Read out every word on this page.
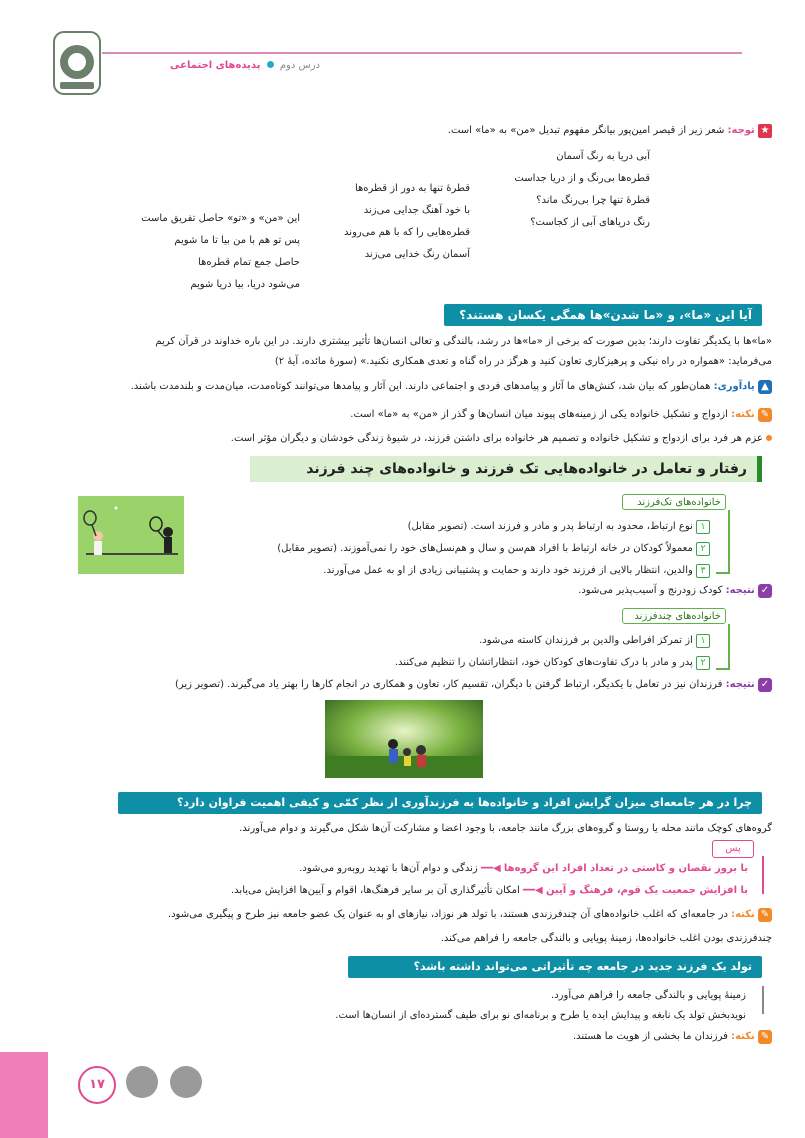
درس دوم  پدیده‌های اجتماعی
★ توجه: شعر زیر از قیصر امین‌پور بیانگر مفهوم تبدیل «من» به «ما» است.
آبی دریا به رنگ آسمان
قطره‌ها بی‌رنگ و از دریا جداست
قطرهٔ تنها چرا بی‌رنگ ماند؟
رنگ دریاهای آبی از کجاست؟
قطرهٔ تنها به دور از قطره‌ها
با خود آهنگ جدایی می‌زند
قطره‌هایی را که با هم می‌روند
آسمان رنگ خدایی می‌زند
این «من» و «تو» حاصل تفریق ماست
پس تو هم با من بیا تا ما شویم
حاصل جمع تمام قطره‌ها
می‌شود دریا، بیا دریا شویم
آیا این «ما»، و «ما شدن»ها همگی یکسان هستند؟
«ما»ها با یکدیگر تفاوت دارند؛ بدین صورت که برخی از «ما»ها در رشد، بالندگی و تعالی انسان‌ها تأثیر بیشتری دارند. در این باره خداوند در قرآن کریم
می‌فرماید: «همواره در راه نیکی و پرهیزکاری تعاون کنید و هرگز در راه گناه و تعدی همکاری نکنید.» (سورهٔ مائده، آیهٔ ۲)
▲ یادآوری: همان‌طور که بیان شد، کنش‌های ما آثار و پیامدهای فردی و اجتماعی دارند. این آثار و پیامدها می‌توانند کوتاه‌مدت، میان‌مدت و بلندمدت باشند.
✎ نکته: ازدواج و تشکیل خانواده یکی از زمینه‌های پیوند میان انسان‌ها و گذر از «من» به «ما» است.
عزم هر فرد برای ازدواج و تشکیل خانواده و تصمیم هر خانواده برای داشتن فرزند، در شیوهٔ زندگی خودشان و دیگران مؤثر است.
رفتار و تعامل در خانواده‌هایی تک فرزند و خانواده‌های چند فرزند
خانواده‌های تک‌فرزند
۱ نوع ارتباط، محدود به ارتباط پدر و مادر و فرزند است. (تصویر مقابل)
۲ معمولاً کودکان در خانه ارتباط با افراد هم‌سن و سال و هم‌نسل‌های خود را نمی‌آموزند. (تصویر مقابل)
۳ والدین، انتظار بالایی از فرزند خود دارند و حمایت و پشتیبانی زیادی از او به عمل می‌آورند.
✓ نتیجه: کودک زودرنج و آسیب‌پذیر می‌شود.
خانواده‌های چندفرزند
۱ از تمرکز افراطی والدین بر فرزندان کاسته می‌شود.
۲ پدر و مادر با درک تفاوت‌های کودکان خود، انتظاراتشان را تنظیم می‌کنند.
✓ نتیجه: فرزندان نیز در تعامل با یکدیگر، ارتباط گرفتن با دیگران، تقسیم کار، تعاون و همکاری در انجام کارها را بهتر یاد می‌گیرند. (تصویر زیر)
چرا در هر جامعه‌ای میزان گرایش افراد و خانواده‌ها به فرزندآوری از نظر کمّی و کیفی اهمیت فراوان دارد؟
گروه‌های کوچک مانند محله یا روستا و گروه‌های بزرگ مانند جامعه، با وجود اعضا و مشارکت آن‌ها شکل می‌گیرند و دوام می‌آورند.
پس
با بروز نقصان و کاستی در تعداد افراد این گروه‌ها ◀━━ زندگی و دوام آن‌ها با تهدید روبه‌رو می‌شود.
با افزایش جمعیت یک قوم، فرهنگ و آیین ◀━━ امکان تأثیرگذاری آن بر سایر فرهنگ‌ها، اقوام و آیین‌ها افزایش می‌یابد.
✎ نکته: در جامعه‌ای که اغلب خانواده‌های آن چندفرزندی هستند، با تولد هر نوزاد، نیازهای او به عنوان یک عضو جامعه نیز طرح و پیگیری می‌شود.
چندفرزندی بودن اغلب خانواده‌ها، زمینهٔ پویایی و بالندگی جامعه را فراهم می‌کند.
تولد یک فرزند جدید در جامعه چه تأثیراتی می‌تواند داشته باشد؟
زمینهٔ پویایی و بالندگی جامعه را فراهم می‌آورد.
نوید‌بخش تولد یک نابغه و پیدایش ایده یا طرح و برنامه‌ای نو برای طیف گسترده‌ای از انسان‌ها است.
✎ نکته: فرزندان ما بخشی از هویت ما هستند.
۱۷
